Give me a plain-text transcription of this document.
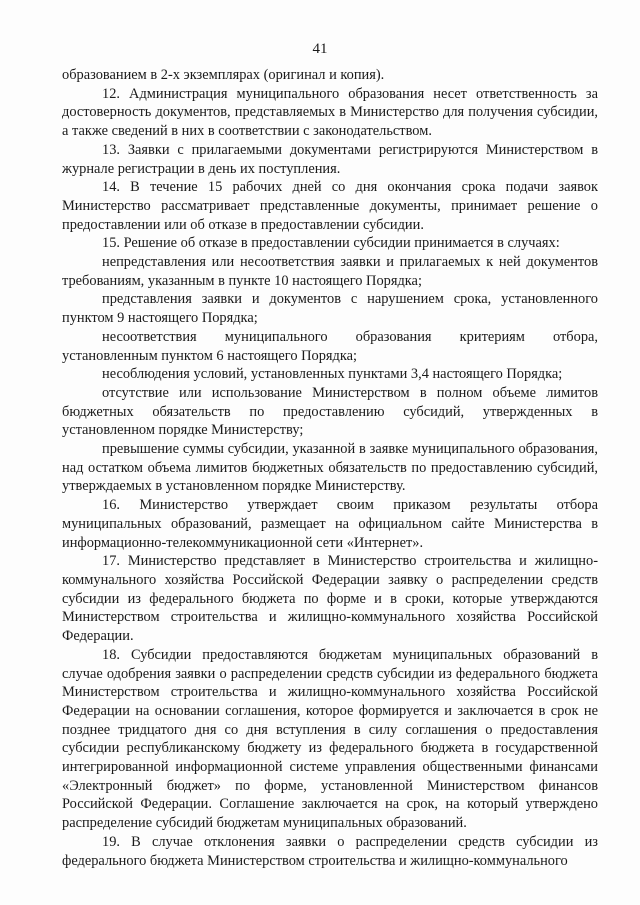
41

образованием в 2-х экземплярах (оригинал и копия).

12. Администрация муниципального образования несет ответственность за достоверность документов, представляемых в Министерство для получения субсидии, а также сведений в них в соответствии с законодательством.

13. Заявки с прилагаемыми документами регистрируются Министерством в журнале регистрации в день их поступления.

14. В течение 15 рабочих дней со дня окончания срока подачи заявок Министерство рассматривает представленные документы, принимает решение о предоставлении или об отказе в предоставлении субсидии.

15. Решение об отказе в предоставлении субсидии принимается в случаях:

непредставления или несоответствия заявки и прилагаемых к ней документов требованиям, указанным в пункте 10 настоящего Порядка;

представления заявки и документов с нарушением срока, установленного пунктом 9 настоящего Порядка;

несоответствия муниципального образования критериям отбора, установленным пунктом 6 настоящего Порядка;

несоблюдения условий, установленных пунктами 3,4 настоящего Порядка;

отсутствие или использование Министерством в полном объеме лимитов бюджетных обязательств по предоставлению субсидий, утвержденных в установленном порядке Министерству;

превышение суммы субсидии, указанной в заявке муниципального образования, над остатком объема лимитов бюджетных обязательств по предоставлению субсидий, утверждаемых в установленном порядке Министерству.

16. Министерство утверждает своим приказом результаты отбора муниципальных образований, размещает на официальном сайте Министерства в информационно-телекоммуникационной сети «Интернет».

17. Министерство представляет в Министерство строительства и жилищно-коммунального хозяйства Российской Федерации заявку о распределении средств субсидии из федерального бюджета по форме и в сроки, которые утверждаются Министерством строительства и жилищно-коммунального хозяйства Российской Федерации.

18. Субсидии предоставляются бюджетам муниципальных образований в случае одобрения заявки о распределении средств субсидии из федерального бюджета Министерством строительства и жилищно-коммунального хозяйства Российской Федерации на основании соглашения, которое формируется и заключается в срок не позднее тридцатого дня со дня вступления в силу соглашения о предоставления субсидии республиканскому бюджету из федерального бюджета в государственной интегрированной информационной системе управления общественными финансами «Электронный бюджет» по форме, установленной Министерством финансов Российской Федерации. Соглашение заключается на срок, на который утверждено распределение субсидий бюджетам муниципальных образований.

19. В случае отклонения заявки о распределении средств субсидии из федерального бюджета Министерством строительства и жилищно-коммунального
